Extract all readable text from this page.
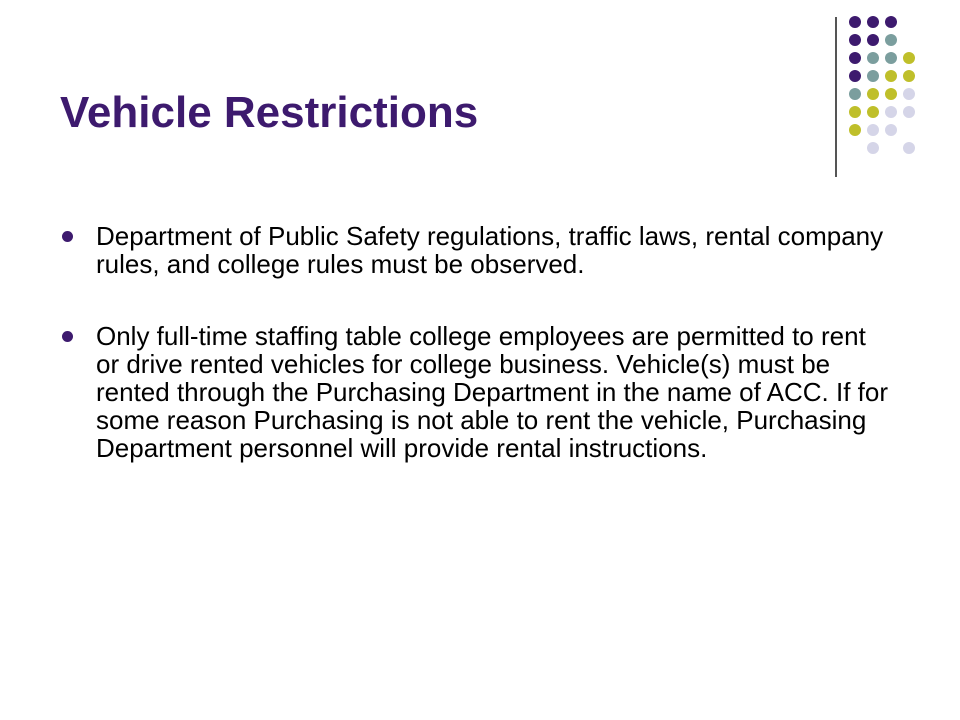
Vehicle Restrictions
Department of Public Safety regulations, traffic laws, rental company rules, and college rules must be observed.
Only full-time staffing table college employees are permitted to rent or drive rented vehicles for college business. Vehicle(s) must be rented through the Purchasing Department in the name of ACC. If for some reason Purchasing is not able to rent the vehicle, Purchasing Department personnel will provide rental instructions.
